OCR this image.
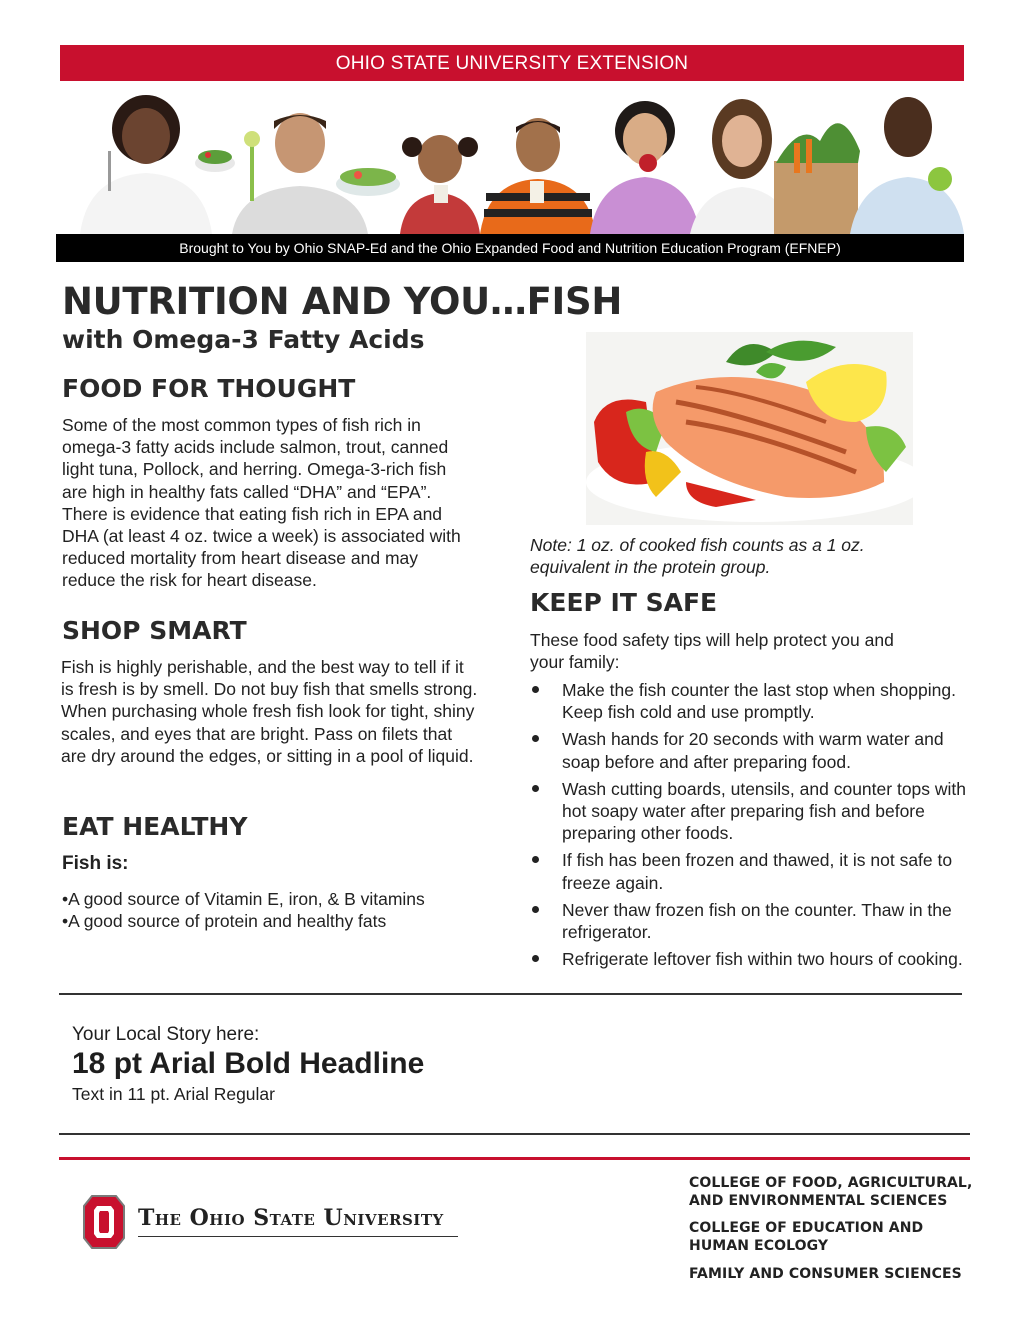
OHIO STATE UNIVERSITY EXTENSION
Brought to You by Ohio SNAP-Ed and the Ohio Expanded Food and Nutrition Education Program (EFNEP)
NUTRITION AND YOU…FISH
with Omega-3 Fatty Acids
FOOD FOR THOUGHT
Some of the most common types of fish rich in omega-3 fatty acids include salmon, trout, canned light tuna, Pollock, and herring. Omega-3-rich fish are high in healthy fats called “DHA” and “EPA”. There is evidence that eating fish rich in EPA and DHA (at least 4 oz. twice a week) is associated with reduced mortality from heart disease and may reduce the risk for heart disease.
SHOP SMART
Fish is highly perishable, and the best way to tell if it is fresh is by smell. Do not buy fish that smells strong. When purchasing whole fresh fish look for tight, shiny scales, and eyes that are bright. Pass on filets that are dry around the edges, or sitting in a pool of liquid.
EAT HEALTHY
Fish is:
•A good source of Vitamin E, iron, & B vitamins
•A good source of protein and healthy fats
Note: 1 oz. of cooked fish counts as a 1 oz. equivalent in the protein group.
KEEP IT SAFE
These food safety tips will help protect you and your family:
Make the fish counter the last stop when shopping. Keep fish cold and use promptly.
Wash hands for 20 seconds with warm water and soap before and after preparing food.
Wash cutting boards, utensils, and counter tops with hot soapy water after preparing fish and before preparing other foods.
If fish has been frozen and thawed, it is not safe to freeze again.
Never thaw frozen fish on the counter. Thaw in the refrigerator.
Refrigerate leftover fish within two hours of cooking.
Your Local Story here:
18 pt Arial Bold Headline
Text in 11 pt. Arial Regular
The Ohio State University
COLLEGE OF FOOD, AGRICULTURAL, AND ENVIRONMENTAL SCIENCES
COLLEGE OF EDUCATION AND HUMAN ECOLOGY
FAMILY AND CONSUMER SCIENCES
